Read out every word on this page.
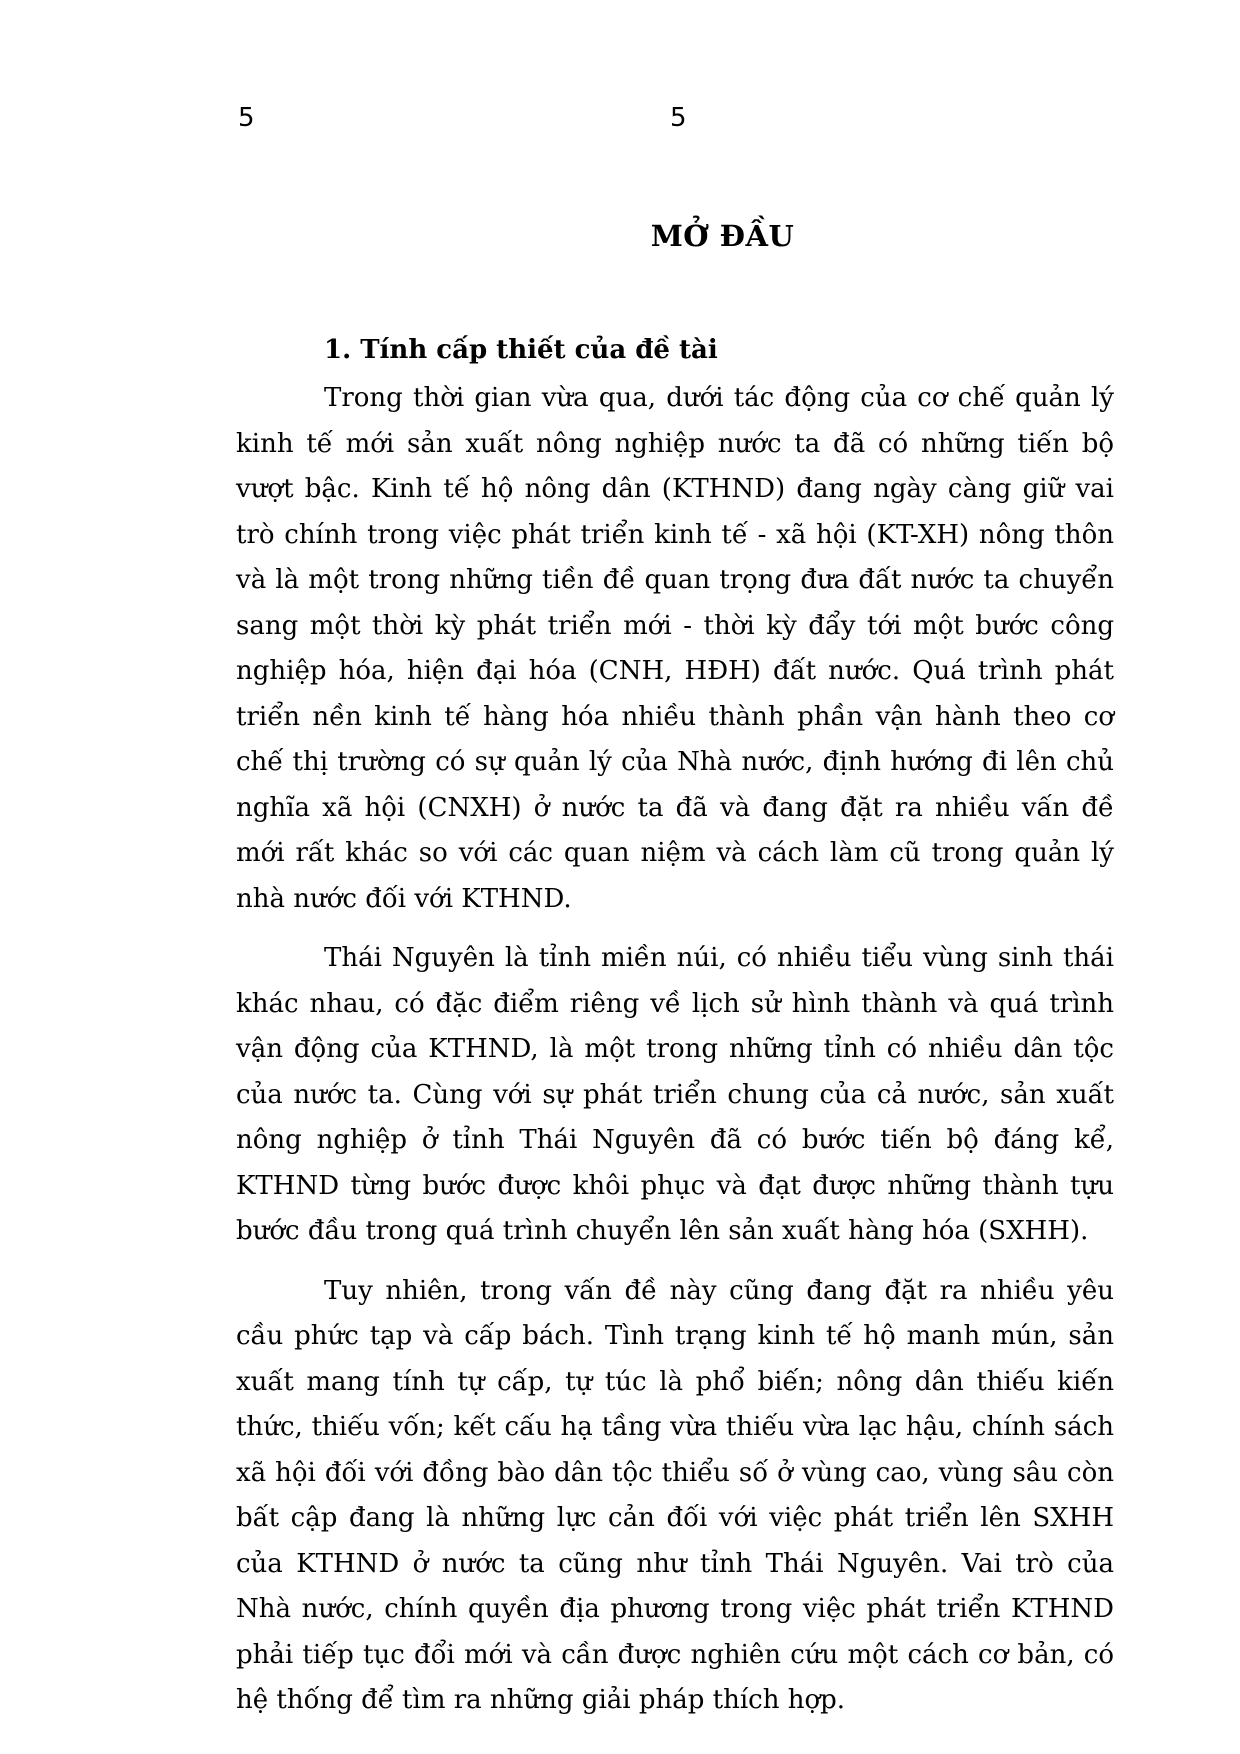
5	5
MỞ ĐẦU
1. Tính cấp thiết của đề tài

Trong thời gian vừa qua, dưới tác động của cơ chế quản lý kinh tế mới sản xuất nông nghiệp nước ta đã có những tiến bộ vượt bậc. Kinh tế hộ nông dân (KTHND) đang ngày càng giữ vai trò chính trong việc phát triển kinh tế - xã hội (KT-XH) nông thôn và là một trong những tiền đề quan trọng đưa đất nước ta chuyển sang một thời kỳ phát triển mới - thời kỳ đẩy tới một bước công nghiệp hóa, hiện đại hóa (CNH, HĐH) đất nước. Quá trình phát triển nền kinh tế hàng hóa nhiều thành phần vận hành theo cơ chế thị trường có sự quản lý của Nhà nước, định hướng đi lên chủ nghĩa xã hội (CNXH) ở nước ta đã và đang đặt ra nhiều vấn đề mới rất khác so với các quan niệm và cách làm cũ trong quản lý nhà nước đối với KTHND.

Thái Nguyên là tỉnh miền núi, có nhiều tiểu vùng sinh thái khác nhau, có đặc điểm riêng về lịch sử hình thành và quá trình vận động của KTHND, là một trong những tỉnh có nhiều dân tộc của nước ta. Cùng với sự phát triển chung của cả nước, sản xuất nông nghiệp ở tỉnh Thái Nguyên đã có bước tiến bộ đáng kể, KTHND từng bước được khôi phục và đạt được những thành tựu bước đầu trong quá trình chuyển lên sản xuất hàng hóa (SXHH).

Tuy nhiên, trong vấn đề này cũng đang đặt ra nhiều yêu cầu phức tạp và cấp bách. Tình trạng kinh tế hộ manh mún, sản xuất mang tính tự cấp, tự túc là phổ biến; nông dân thiếu kiến thức, thiếu vốn; kết cấu hạ tầng vừa thiếu vừa lạc hậu, chính sách xã hội đối với đồng bào dân tộc thiểu số ở vùng cao, vùng sâu còn bất cập đang là những lực cản đối với việc phát triển lên SXHH của KTHND ở nước ta cũng như tỉnh Thái Nguyên. Vai trò của Nhà nước, chính quyền địa phương trong việc phát triển KTHND phải tiếp tục đổi mới và cần được nghiên cứu một cách cơ bản, có hệ thống để tìm ra những giải pháp thích hợp.
